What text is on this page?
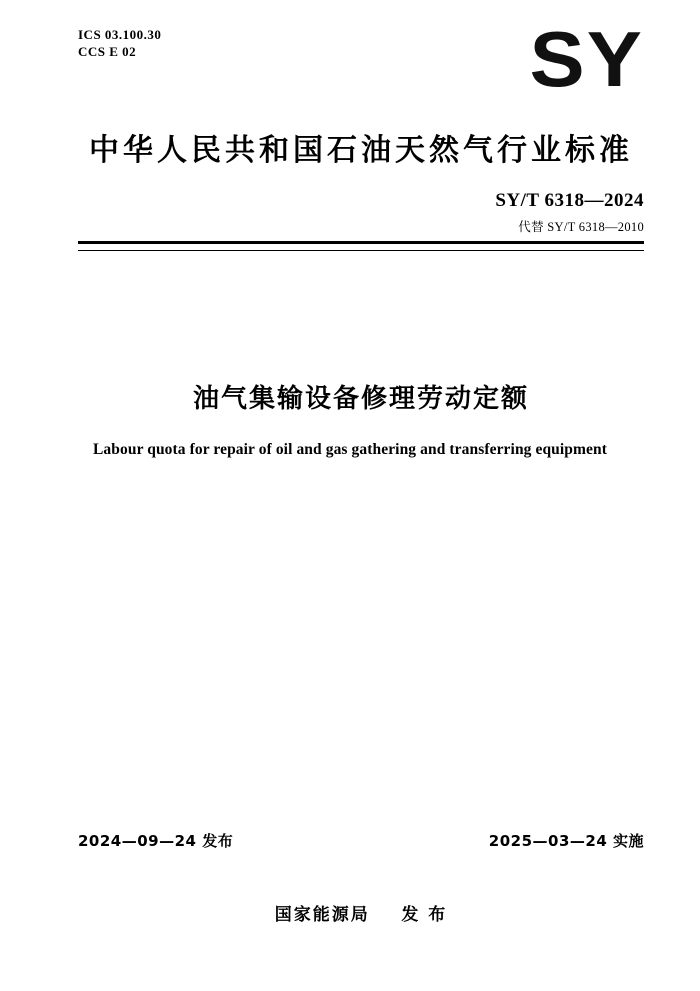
ICS 03.100.30
CCS E 02	SY
中华人民共和国石油天然气行业标准
SY/T 6318—2024
代替 SY/T 6318—2010
油气集输设备修理劳动定额
Labour quota for repair of oil and gas gathering and transferring equipment
2024—09—24 发布	2025—03—24 实施
国家能源局    发 布
